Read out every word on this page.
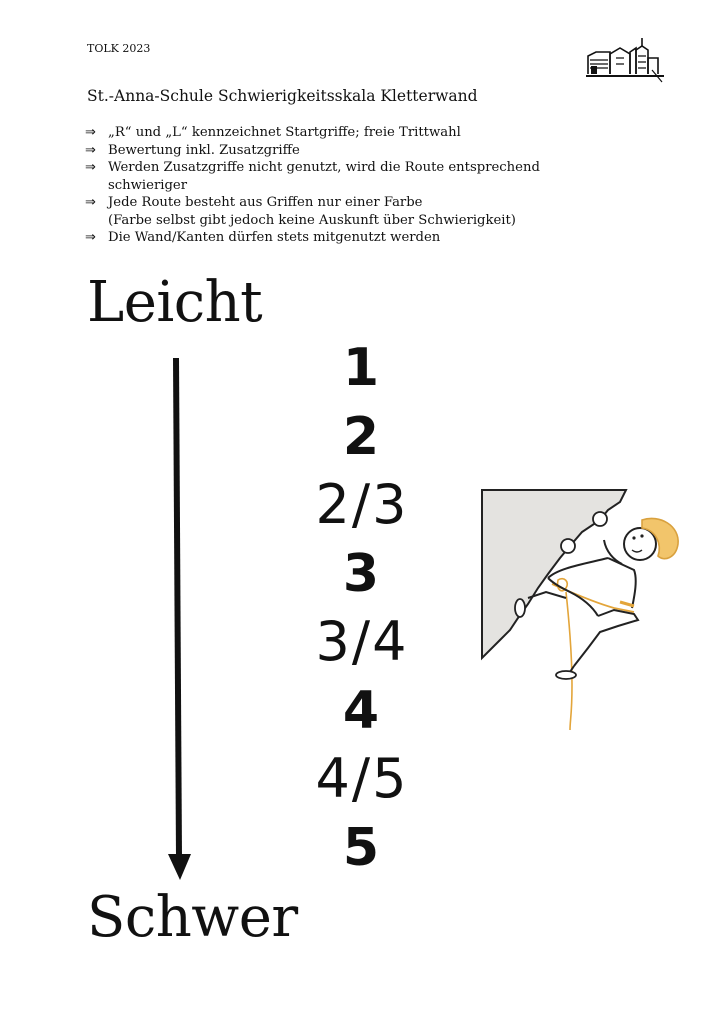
TOLK 2023
St.-Anna-Schule Schwierigkeitsskala Kletterwand
⇒ „R“ und „L“ kennzeichnet Startgriffe; freie Trittwahl
⇒ Bewertung inkl. Zusatzgriffe
⇒ Werden Zusatzgriffe nicht genutzt, wird die Route entsprechend
schwieriger
⇒ Jede Route besteht aus Griffen nur einer Farbe
(Farbe selbst gibt jedoch keine Auskunft über Schwierigkeit)
⇒ Die Wand/Kanten dürfen stets mitgenutzt werden
Leicht
1
2
2/3
3
3/4
4
4/5
5
Schwer
